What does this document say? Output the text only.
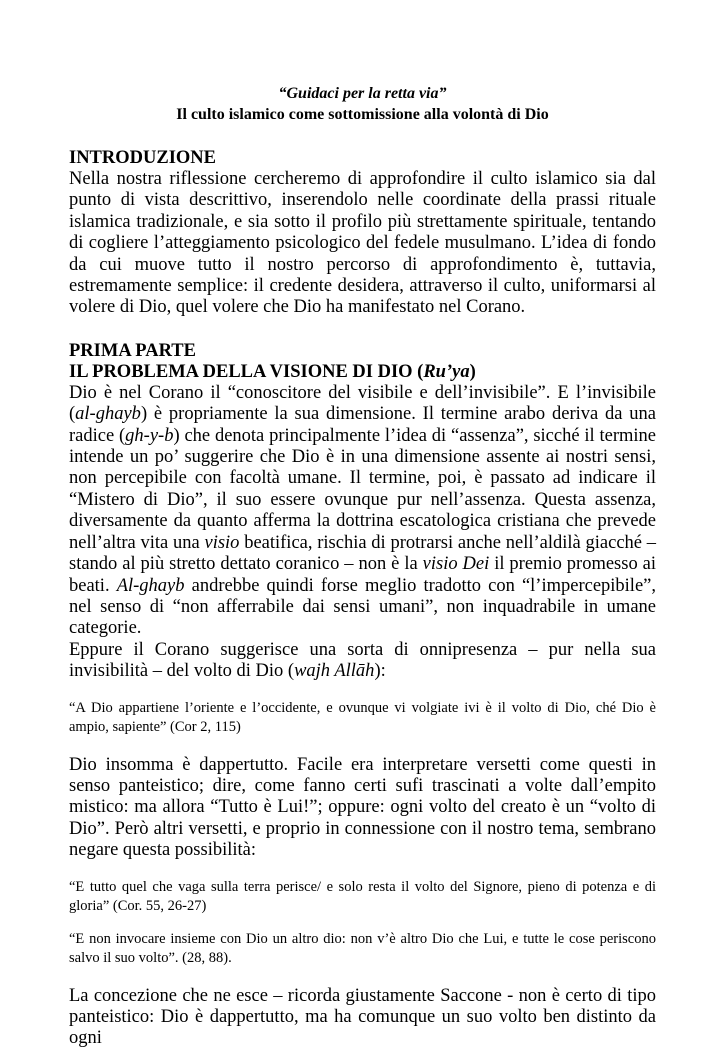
“Guidaci per la retta via”
Il culto islamico come sottomissione alla volontà di Dio
INTRODUZIONE

Nella nostra riflessione cercheremo di approfondire il culto islamico sia dal punto di vista descrittivo, inserendolo nelle coordinate della prassi rituale islamica tradizionale, e sia sotto il profilo più strettamente spirituale, tentando di cogliere l’atteggiamento psicologico del fedele musulmano. L’idea di fondo da cui muove tutto il nostro percorso di approfondimento è, tuttavia, estremamente semplice: il credente desidera, attraverso il culto, uniformarsi al volere di Dio, quel volere che Dio ha manifestato nel Corano.

PRIMA PARTE
IL PROBLEMA DELLA VISIONE DI DIO (Ru’ya)

Dio è nel Corano il “conoscitore del visibile e dell’invisibile”. E l’invisibile (al-ghayb) è propriamente la sua dimensione. Il termine arabo deriva da una radice (gh-y-b) che denota principalmente l’idea di “assenza”, sicché il termine intende un po’ suggerire che Dio è in una dimensione assente ai nostri sensi, non percepibile con facoltà umane. Il termine, poi, è passato ad indicare il “Mistero di Dio”, il suo essere ovunque pur nell’assenza. Questa assenza, diversamente da quanto afferma la dottrina escatologica cristiana che prevede nell’altra vita una visio beatifica, rischia di protrarsi anche nell’aldilà giacché – stando al più stretto dettato coranico – non è la visio Dei il premio promesso ai beati. Al-ghayb andrebbe quindi forse meglio tradotto con “l’impercepibile”, nel senso di “non afferrabile dai sensi umani”, non inquadrabile in umane categorie.

Eppure il Corano suggerisce una sorta di onnipresenza – pur nella sua invisibilità – del volto di Dio (wajh Allāh):

“A Dio appartiene l’oriente e l’occidente, e ovunque vi volgiate ivi è il volto di Dio, ché Dio è ampio, sapiente” (Cor 2, 115)

Dio insomma è dappertutto. Facile era interpretare versetti come questi in senso panteistico; dire, come fanno certi sufi trascinati a volte dall’empito mistico: ma allora “Tutto è Lui!”; oppure: ogni volto del creato è un “volto di Dio”. Però altri versetti, e proprio in connessione con il nostro tema, sembrano negare questa possibilità:

“E tutto quel che vaga sulla terra perisce/ e solo resta il volto del Signore, pieno di potenza e di gloria” (Cor. 55, 26-27)

“E non invocare insieme con Dio un altro dio: non v’è altro Dio che Lui, e tutte le cose periscono salvo il suo volto”. (28, 88).

La concezione che ne esce – ricorda giustamente Saccone - non è certo di tipo panteistico: Dio è dappertutto, ma ha comunque un suo volto ben distinto da ogni
